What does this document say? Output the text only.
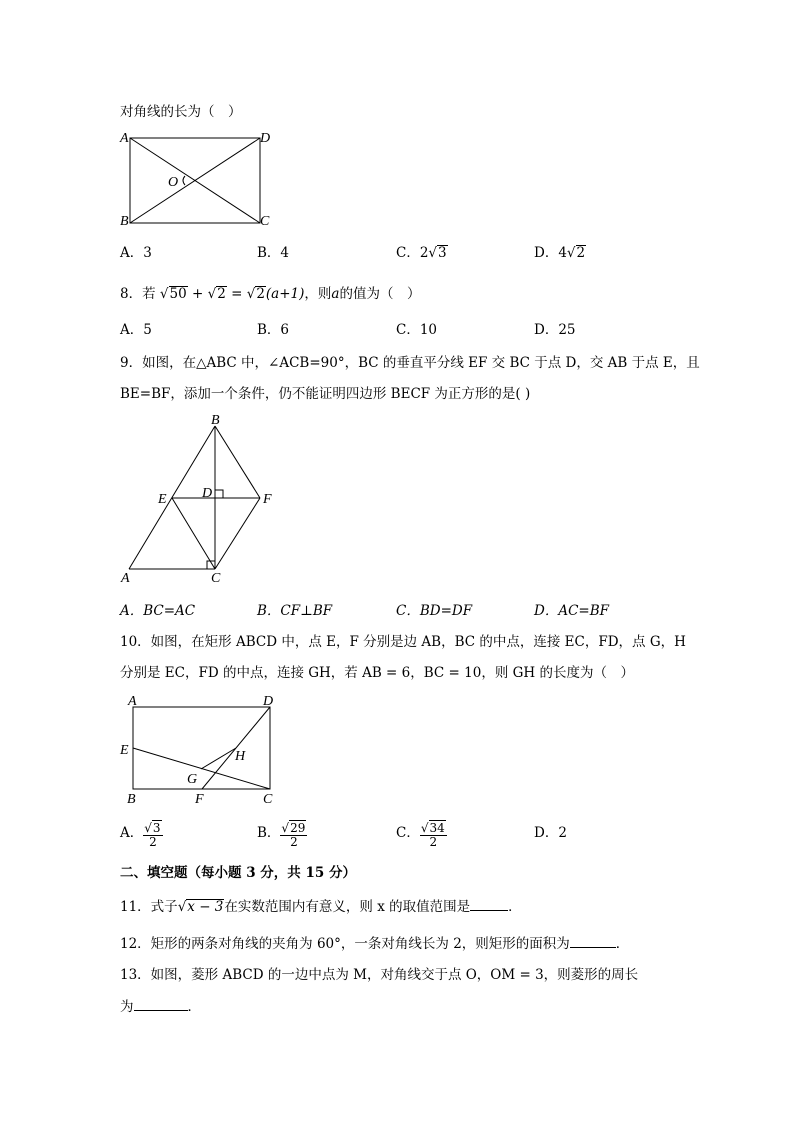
对角线的长为（　）
A	D
B	C
O
A．3	B．4	C．2√3	D．4√2
8．若 √50 + √2 = √2(a+1)，则a的值为（　）
A．5	B．6	C．10	D．25
9．如图，在△ABC 中，∠ACB=90°，BC 的垂直平分线 EF 交 BC 于点 D，交 AB 于点 E，且
BE=BF，添加一个条件，仍不能证明四边形 BECF 为正方形的是( )
B
E	D	F
A	C
A．BC=AC	B．CF⊥BF	C．BD=DF	D．AC=BF
10．如图，在矩形 ABCD 中，点 E，F 分别是边 AB，BC 的中点，连接 EC，FD，点 G，H
分别是 EC，FD 的中点，连接 GH，若 AB = 6，BC = 10，则 GH 的长度为（　）
A	D
E	H
G
B	F	C
A． $\frac{√3}{2}$	B． $\frac{√29}{2}$	C． $\frac{√34}{2}$	D．2
二、填空题（每小题 3 分，共 15 分）
11．式子√x − 3在实数范围内有意义，则 x 的取值范围是	．
12．矩形的两条对角线的夹角为 60°，一条对角线长为 2，则矩形的面积为	．
13．如图，菱形 ABCD 的一边中点为 M，对角线交于点 O，OM = 3，则菱形的周长
为	．
